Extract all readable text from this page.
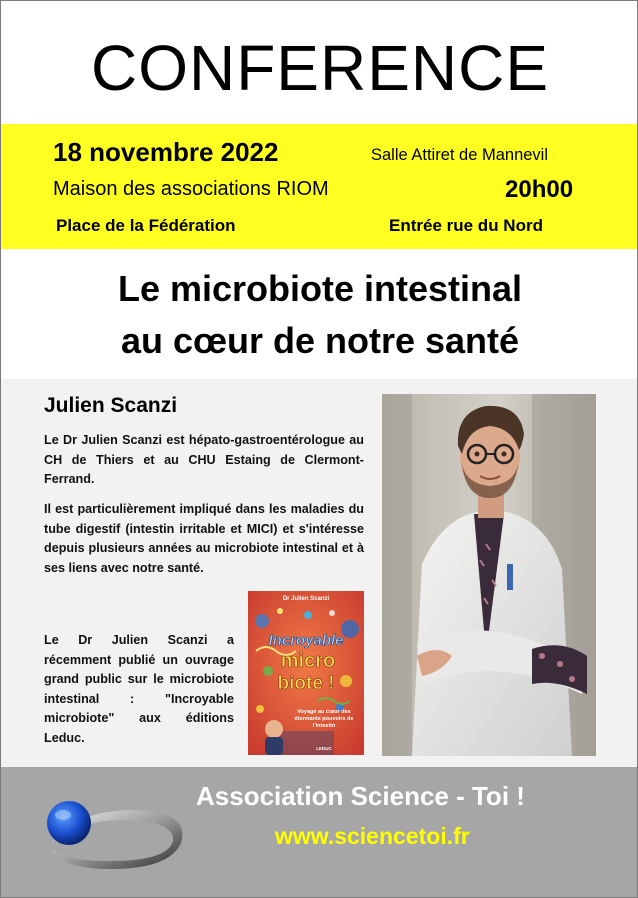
CONFERENCE
18 novembre 2022	Salle Attiret de Mannevil
Maison des associations RIOM	20h00
Place de la Fédération	Entrée rue du Nord
Le microbiote intestinal
au cœur de notre santé
Julien Scanzi
Le Dr Julien Scanzi est hépato-gastroentérologue au CH de Thiers et au CHU Estaing de Clermont-Ferrand.
Il est particulièrement impliqué dans les maladies du tube digestif (intestin irritable et MICI) et s'intéresse depuis plusieurs années au microbiote intestinal et à ses liens avec notre santé.
Le Dr Julien Scanzi a récemment publié un ouvrage grand public sur le microbiote intestinal : "Incroyable microbiote" aux éditions Leduc.
Dr Julien Scanzi
Incroyable
micro
biote !
Voyage au cœur des étonnants pouvoirs de l'intestin
LEDUC
Association Science - Toi !
www.sciencetoi.fr
